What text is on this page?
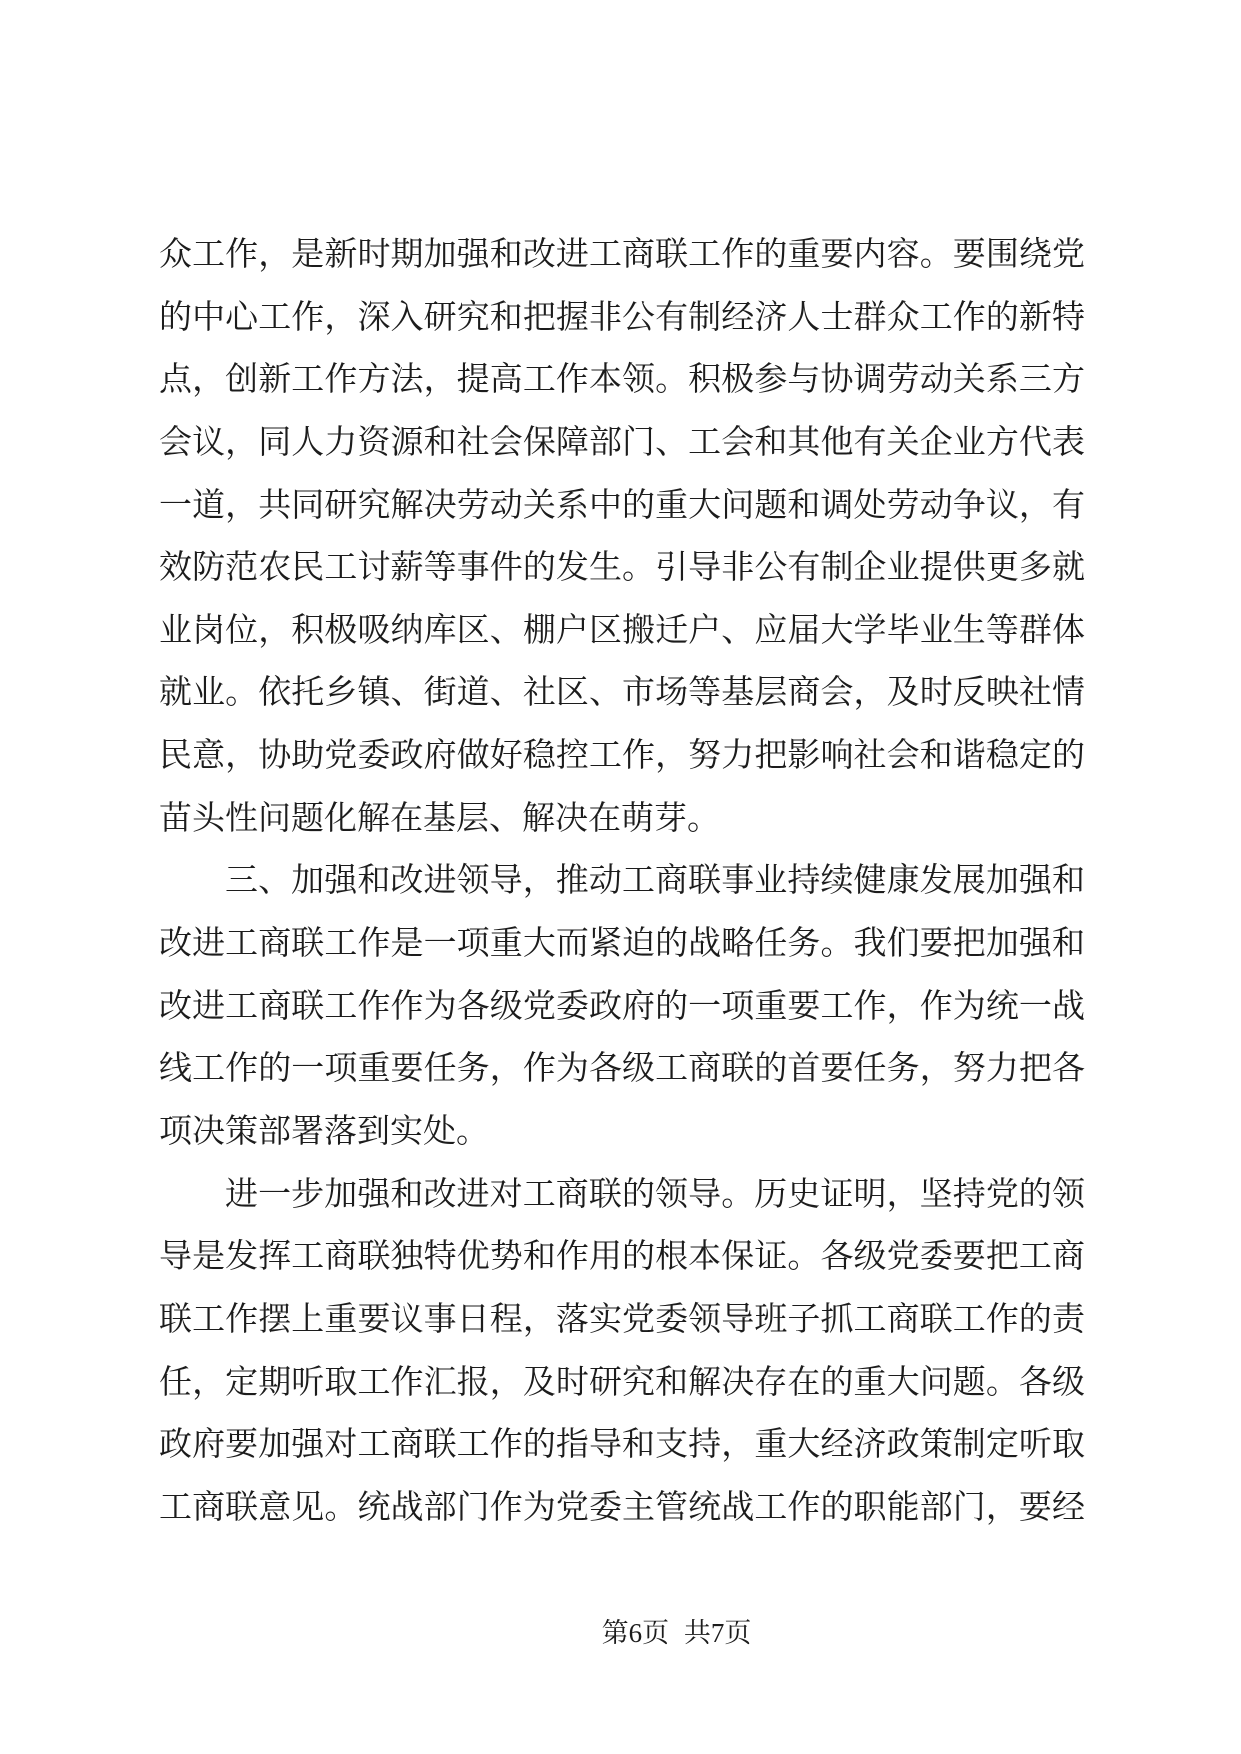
众工作，是新时期加强和改进工商联工作的重要内容。要围绕党
的中心工作，深入研究和把握非公有制经济人士群众工作的新特
点，创新工作方法，提高工作本领。积极参与协调劳动关系三方
会议，同人力资源和社会保障部门、工会和其他有关企业方代表
一道，共同研究解决劳动关系中的重大问题和调处劳动争议，有
效防范农民工讨薪等事件的发生。引导非公有制企业提供更多就
业岗位，积极吸纳库区、棚户区搬迁户、应届大学毕业生等群体
就业。依托乡镇、街道、社区、市场等基层商会，及时反映社情
民意，协助党委政府做好稳控工作，努力把影响社会和谐稳定的
苗头性问题化解在基层、解决在萌芽。
三、加强和改进领导，推动工商联事业持续健康发展加强和
改进工商联工作是一项重大而紧迫的战略任务。我们要把加强和
改进工商联工作作为各级党委政府的一项重要工作，作为统一战
线工作的一项重要任务，作为各级工商联的首要任务，努力把各
项决策部署落到实处。
进一步加强和改进对工商联的领导。历史证明，坚持党的领
导是发挥工商联独特优势和作用的根本保证。各级党委要把工商
联工作摆上重要议事日程，落实党委领导班子抓工商联工作的责
任，定期听取工作汇报，及时研究和解决存在的重大问题。各级
政府要加强对工商联工作的指导和支持，重大经济政策制定听取
工商联意见。统战部门作为党委主管统战工作的职能部门，要经
第6页 共7页
